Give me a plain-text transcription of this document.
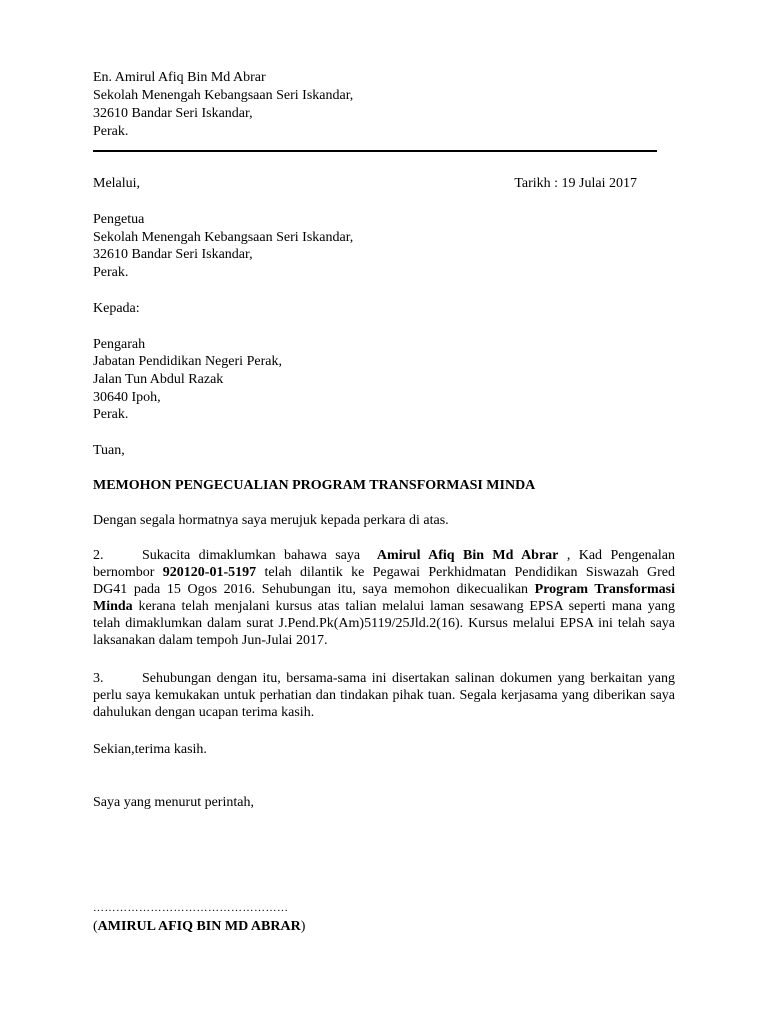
En. Amirul Afiq Bin Md Abrar
Sekolah Menengah Kebangsaan Seri Iskandar,
32610 Bandar Seri Iskandar,
Perak.
Melalui,	Tarikh : 19 Julai 2017
Pengetua
Sekolah Menengah Kebangsaan Seri Iskandar,
32610 Bandar Seri Iskandar,
Perak.
Kepada:
Pengarah
Jabatan Pendidikan Negeri Perak,
Jalan Tun Abdul Razak
30640 Ipoh,
Perak.
Tuan,
MEMOHON PENGECUALIAN PROGRAM TRANSFORMASI MINDA
Dengan segala hormatnya saya merujuk kepada perkara di atas.

2.	Sukacita dimaklumkan bahawa saya Amirul Afiq Bin Md Abrar , Kad Pengenalan

bernombor 920120-01-5197 telah dilantik ke Pegawai Perkhidmatan Pendidikan Siswazah Gred

DG41 pada 15 Ogos 2016. Sehubungan itu, saya memohon dikecualikan Program Transformasi

Minda kerana telah menjalani kursus atas talian melalui laman sesawang EPSA seperti mana yang

telah dimaklumkan dalam surat J.Pend.Pk(Am)5119/25Jld.2(16). Kursus melalui EPSA ini telah saya

laksanakan dalam tempoh Jun-Julai 2017.

3.	Sehubungan dengan itu, bersama-sama ini disertakan salinan dokumen yang berkaitan yang

perlu saya kemukakan untuk perhatian dan tindakan pihak tuan. Segala kerjasama yang diberikan saya

dahulukan dengan ucapan terima kasih.

Sekian,terima kasih.
Saya yang menurut perintah,
……………………………………………
(AMIRUL AFIQ BIN MD ABRAR)
